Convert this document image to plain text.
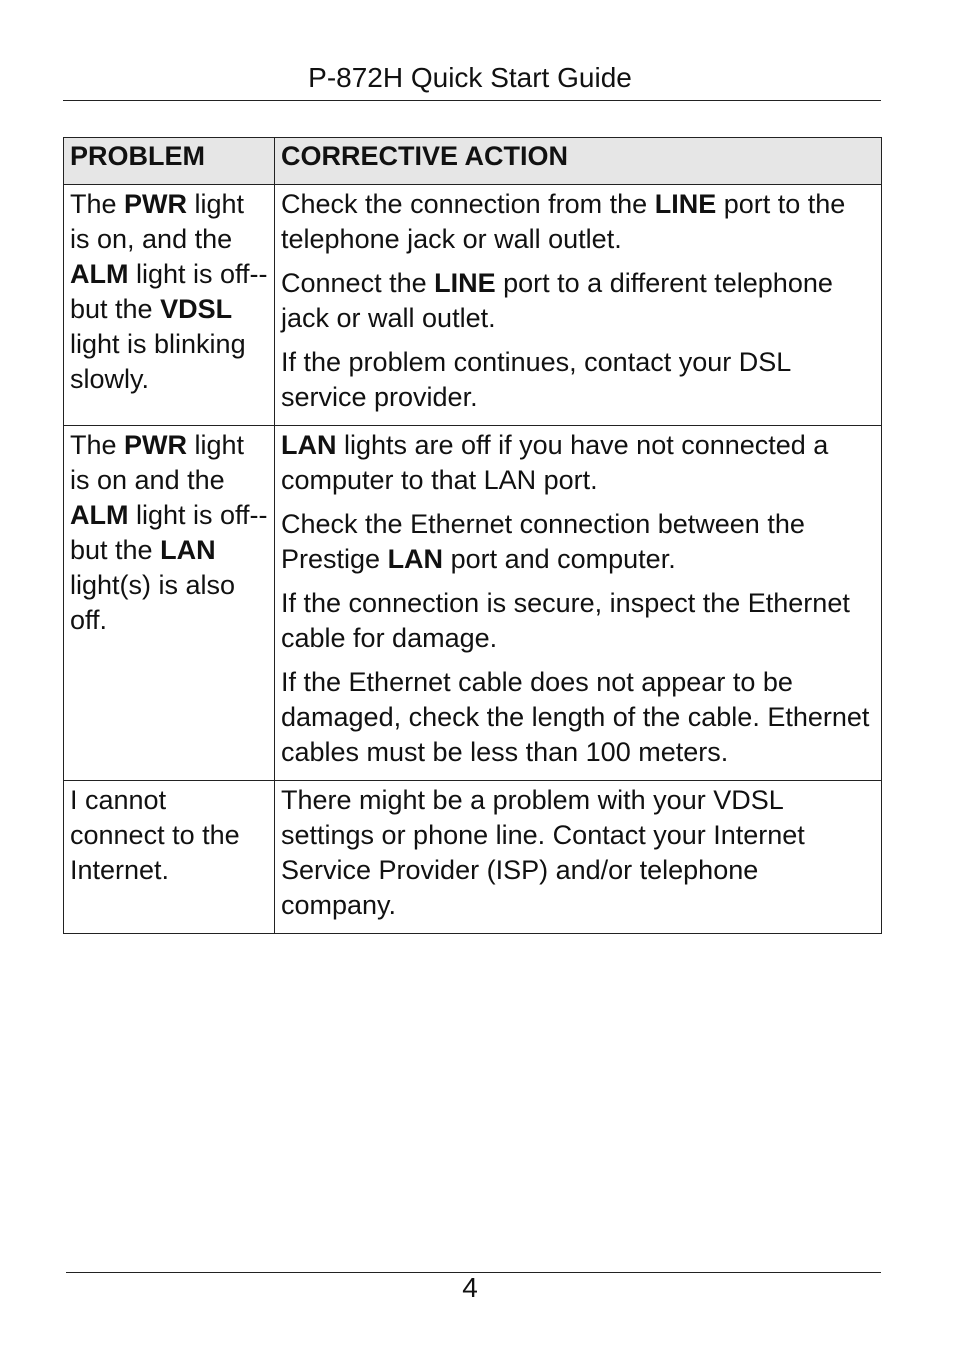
P-872H Quick Start Guide
PROBLEM	CORRECTIVE ACTION
The PWR light is on, and the ALM light is off--but the VDSL light is blinking slowly.	Check the connection from the LINE port to the telephone jack or wall outlet.

Connect the LINE port to a different telephone jack or wall outlet.

If the problem continues, contact your DSL service provider.

The PWR light is on and the ALM light is off--but the LAN light(s) is also off.	LAN lights are off if you have not connected a computer to that LAN port.

Check the Ethernet connection between the Prestige LAN port and computer.

If the connection is secure, inspect the Ethernet cable for damage.

If the Ethernet cable does not appear to be damaged, check the length of the cable. Ethernet cables must be less than 100 meters.

I cannot connect to the Internet.	There might be a problem with your VDSL settings or phone line. Contact your Internet Service Provider (ISP) and/or telephone company.

4
